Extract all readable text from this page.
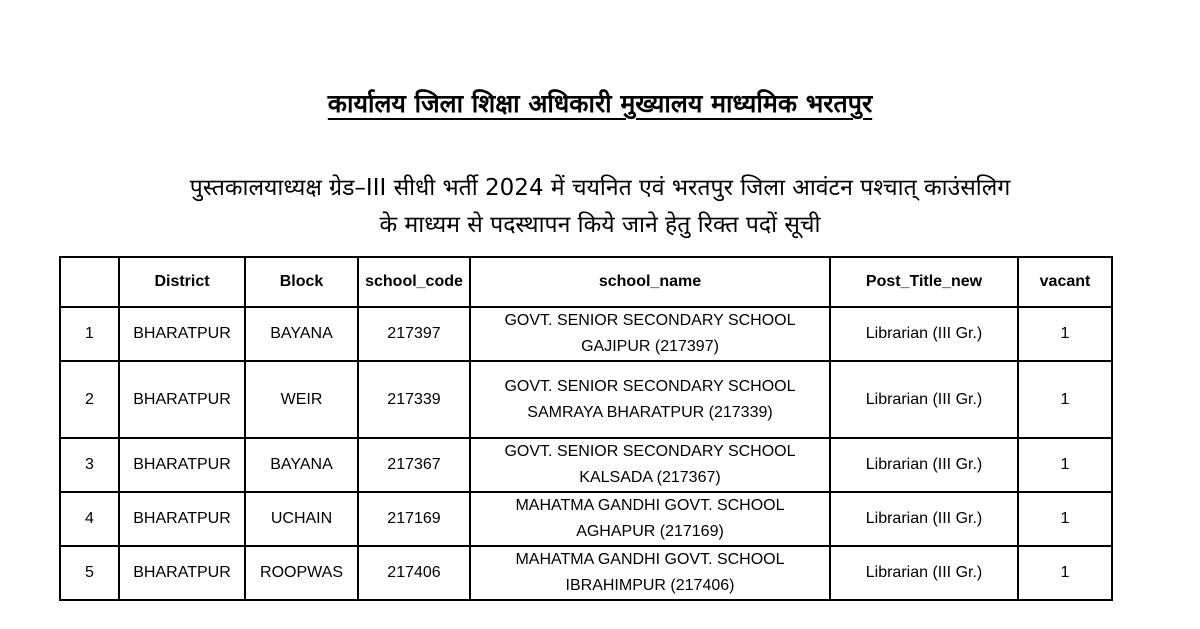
कार्यालय जिला शिक्षा अधिकारी मुख्यालय माध्यमिक भरतपुर
पुस्तकालयाध्यक्ष ग्रेड–III सीधी भर्ती 2024 में चयनित एवं भरतपुर जिला आवंटन पश्चात् काउंसलिग
के माध्यम से पदस्थापन किये जाने हेतु रिक्त पदों सूची
	District	Block	school_code	school_name	Post_Title_new	vacant
1	BHARATPUR	BAYANA	217397	GOVT. SENIOR SECONDARY SCHOOL
GAJIPUR (217397)	Librarian (III Gr.)	1
2	BHARATPUR	WEIR	217339	GOVT. SENIOR SECONDARY SCHOOL
SAMRAYA BHARATPUR (217339)	Librarian (III Gr.)	1
3	BHARATPUR	BAYANA	217367	GOVT. SENIOR SECONDARY SCHOOL
KALSADA (217367)	Librarian (III Gr.)	1
4	BHARATPUR	UCHAIN	217169	MAHATMA GANDHI GOVT. SCHOOL
AGHAPUR (217169)	Librarian (III Gr.)	1
5	BHARATPUR	ROOPWAS	217406	MAHATMA GANDHI GOVT. SCHOOL
IBRAHIMPUR (217406)	Librarian (III Gr.)	1
